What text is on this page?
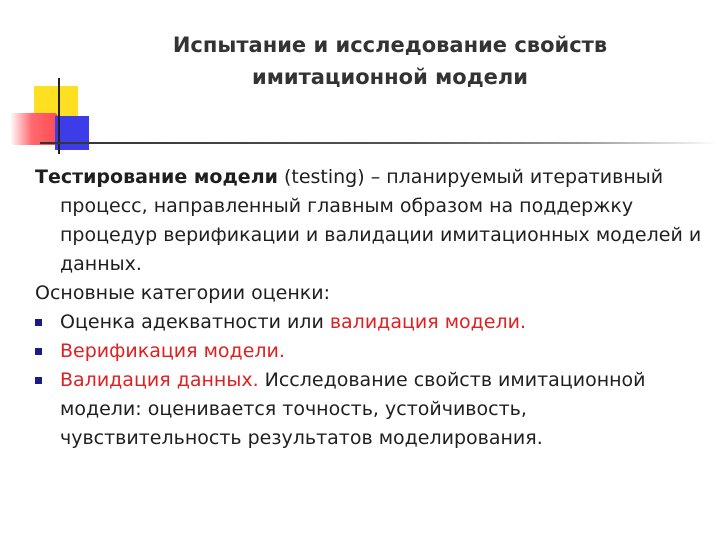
Испытание и исследование свойств
имитационной модели

Тестирование модели (testing) – планируемый итеративный процесс, направленный главным образом на поддержку процедур верификации и валидации имитационных моделей и данных.

Основные категории оценки:

Оценка адекватности или валидация модели.
Верификация модели.
Валидация данных. Исследование свойств имитационной модели: оценивается точность, устойчивость, чувствительность результатов моделирования.
